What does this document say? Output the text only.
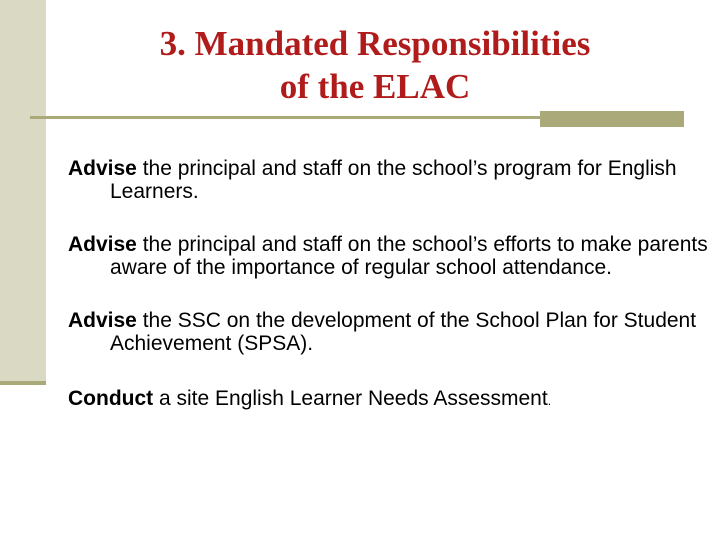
3. Mandated Responsibilities
of the ELAC
Advise the principal and staff on the school’s program for English Learners.
Advise the principal and staff on the school’s efforts to make parents aware of the importance of regular school attendance.
Advise the SSC on the development of the School Plan for Student Achievement (SPSA).
Conduct a site English Learner Needs Assessment.
